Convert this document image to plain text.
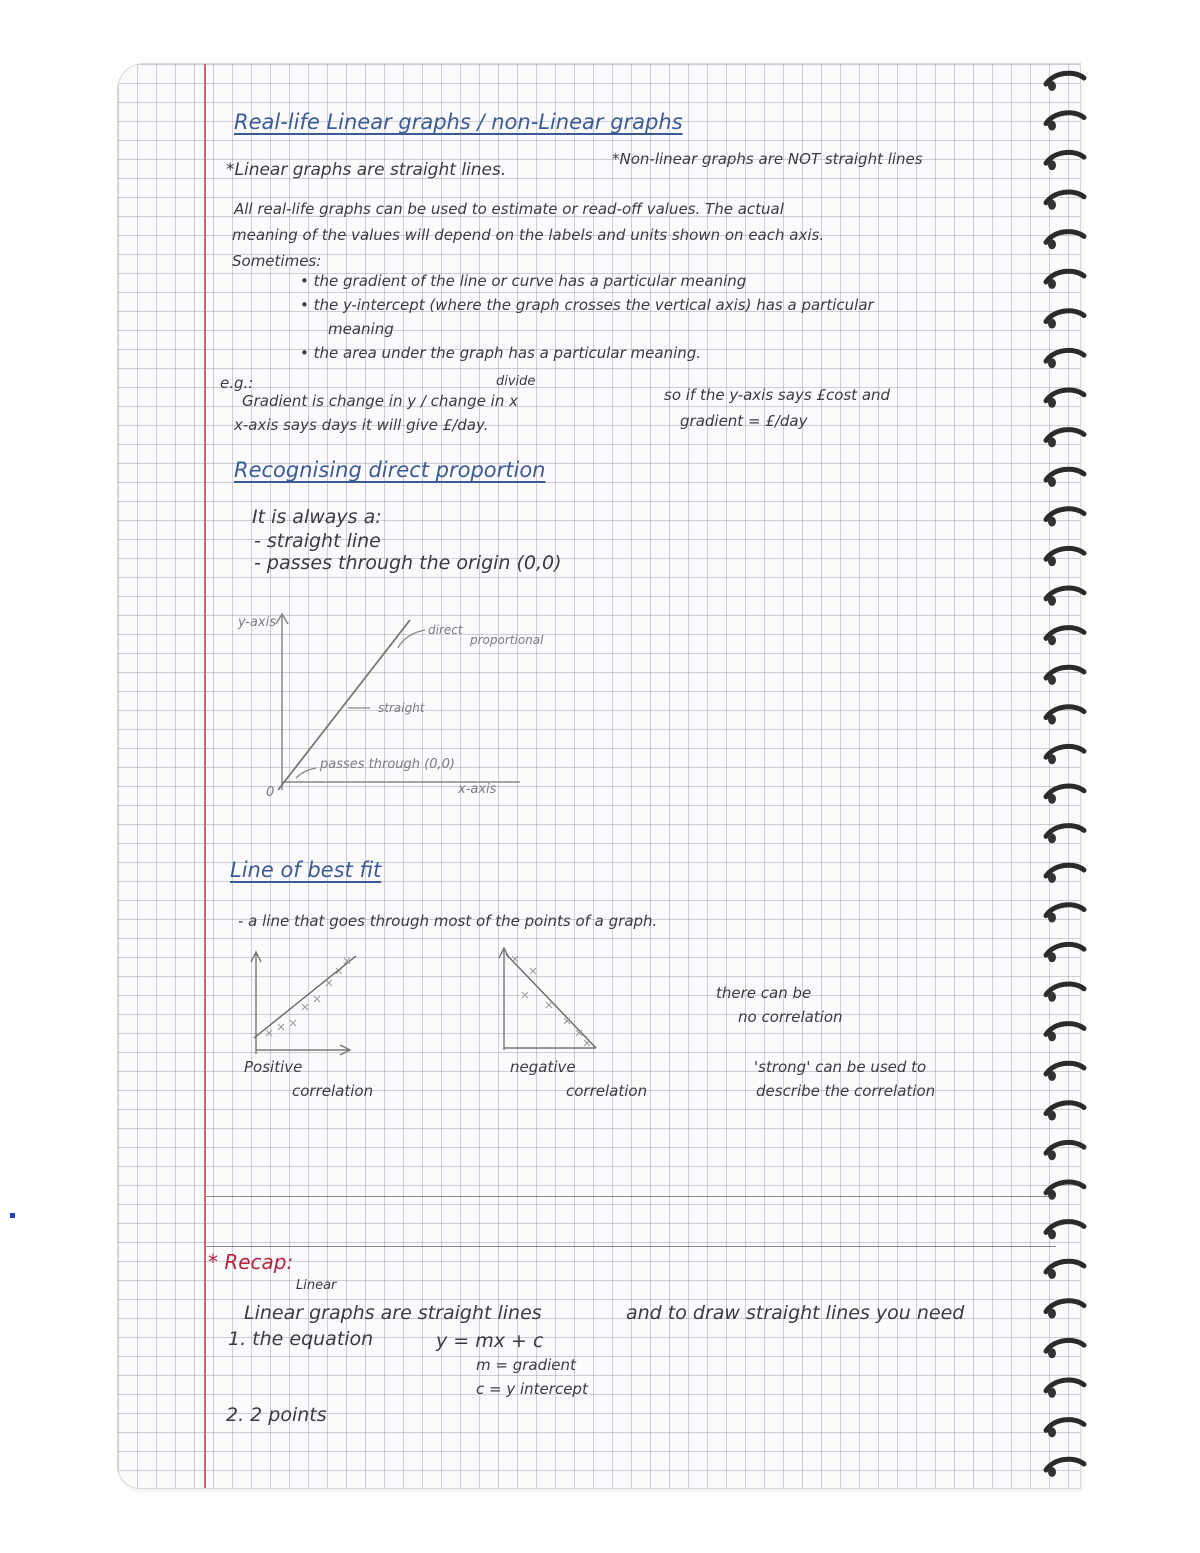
Real-life Linear graphs / non-Linear graphs
*Linear graphs are straight lines.
*Non-linear graphs are NOT straight lines
All real-life graphs can be used to estimate or read-off values. The actual
meaning of the values will depend on the labels and units shown on each axis.
Sometimes:
• the gradient of the line or curve has a particular meaning
• the y-intercept (where the graph crosses the vertical axis) has a particular
meaning
• the area under the graph has a particular meaning.
e.g.:	divide
Gradient is change in y / change in x	so if the y-axis says £cost and
x-axis says days it will give £/day.	gradient = £/day
Recognising direct proportion
It is always a:
- straight line
- passes through the origin (0,0)
y-axis
x-axis
0
direct
proportional
straight
passes through (0,0)
Line of best fit
- a line that goes through most of the points of a graph.
Positive
correlation
negative
correlation
there can be
no correlation
'strong' can be used to
describe the correlation
* Recap:
Linear
Linear graphs are straight lines	and to draw straight lines you need
1. the equation	y = mx + c
m = gradient
c = y intercept
2. 2 points
